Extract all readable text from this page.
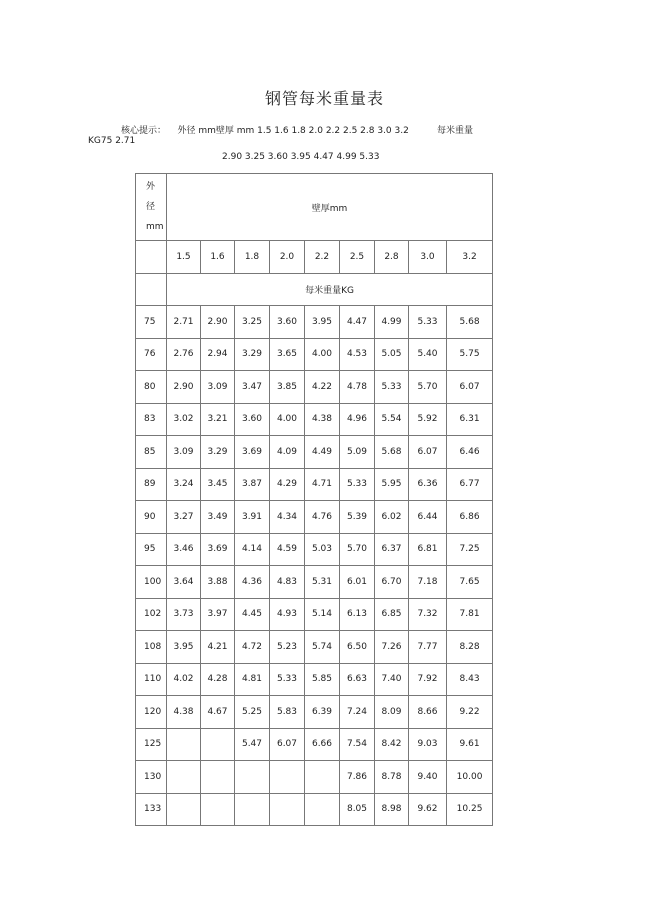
钢管每米重量表
核心提示： 外径 mm壁厚 mm 1.5 1.6 1.8 2.0 2.2 2.5 2.8 3.0 3.2	每米重量
KG75 2.71
2.90 3.25 3.60 3.95 4.47 4.99 5.33
外
径
mm	壁厚mm								
	1.5	1.6	1.8	2.0	2.2	2.5	2.8	3.0	3.2
	每米重量KG								
75	2.71	2.90	3.25	3.60	3.95	4.47	4.99	5.33	5.68
76	2.76	2.94	3.29	3.65	4.00	4.53	5.05	5.40	5.75
80	2.90	3.09	3.47	3.85	4.22	4.78	5.33	5.70	6.07
83	3.02	3.21	3.60	4.00	4.38	4.96	5.54	5.92	6.31
85	3.09	3.29	3.69	4.09	4.49	5.09	5.68	6.07	6.46
89	3.24	3.45	3.87	4.29	4.71	5.33	5.95	6.36	6.77
90	3.27	3.49	3.91	4.34	4.76	5.39	6.02	6.44	6.86
95	3.46	3.69	4.14	4.59	5.03	5.70	6.37	6.81	7.25
100	3.64	3.88	4.36	4.83	5.31	6.01	6.70	7.18	7.65
102	3.73	3.97	4.45	4.93	5.14	6.13	6.85	7.32	7.81
108	3.95	4.21	4.72	5.23	5.74	6.50	7.26	7.77	8.28
110	4.02	4.28	4.81	5.33	5.85	6.63	7.40	7.92	8.43
120	4.38	4.67	5.25	5.83	6.39	7.24	8.09	8.66	9.22
125			5.47	6.07	6.66	7.54	8.42	9.03	9.61
130						7.86	8.78	9.40	10.00
133						8.05	8.98	9.62	10.25
